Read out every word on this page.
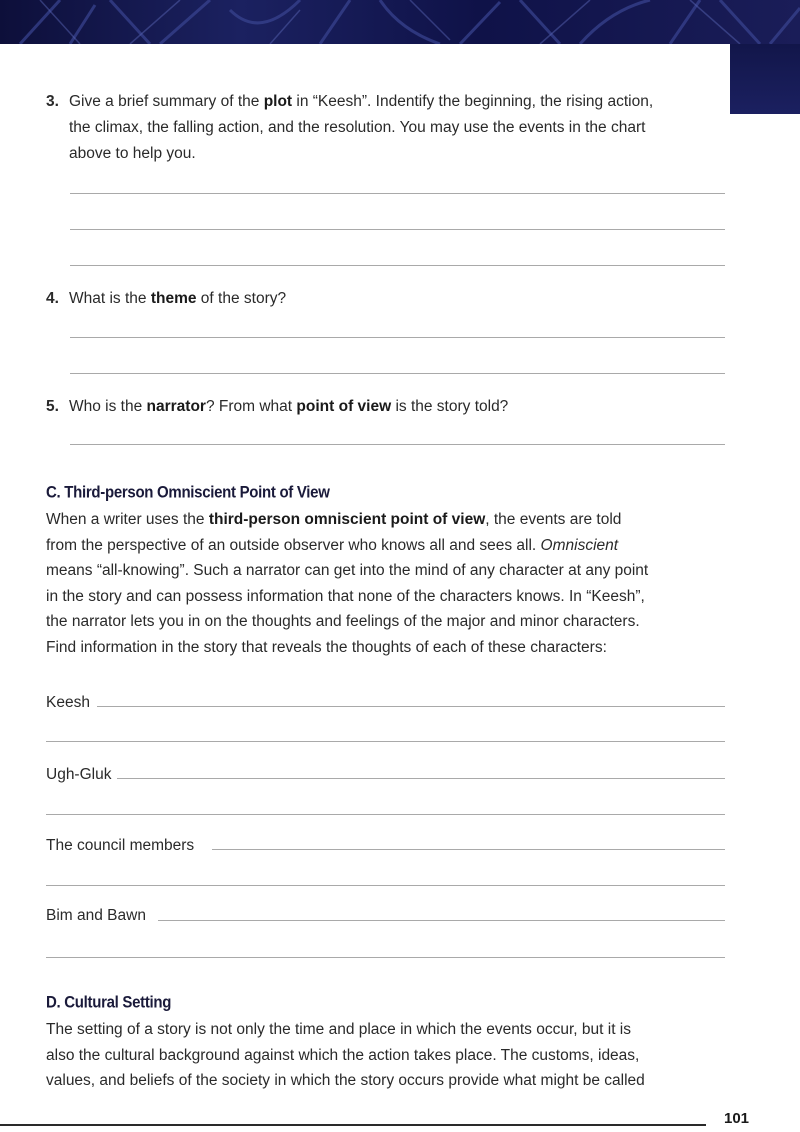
3. Give a brief summary of the plot in “Keesh”. Indentify the beginning, the rising action,
the climax, the falling action, and the resolution. You may use the events in the chart
above to help you.
4. What is the theme of the story?
5. Who is the narrator? From what point of view is the story told?
C. Third-person Omniscient Point of View
When a writer uses the third-person omniscient point of view, the events are told
from the perspective of an outside observer who knows all and sees all. Omniscient
means “all-knowing”. Such a narrator can get into the mind of any character at any point
in the story and can possess information that none of the characters knows. In “Keesh”,
the narrator lets you in on the thoughts and feelings of the major and minor characters.
Find information in the story that reveals the thoughts of each of these characters:
Keesh
Ugh-Gluk
The council members
Bim and Bawn
D. Cultural Setting
The setting of a story is not only the time and place in which the events occur, but it is
also the cultural background against which the action takes place. The customs, ideas,
values, and beliefs of the society in which the story occurs provide what might be called
101
